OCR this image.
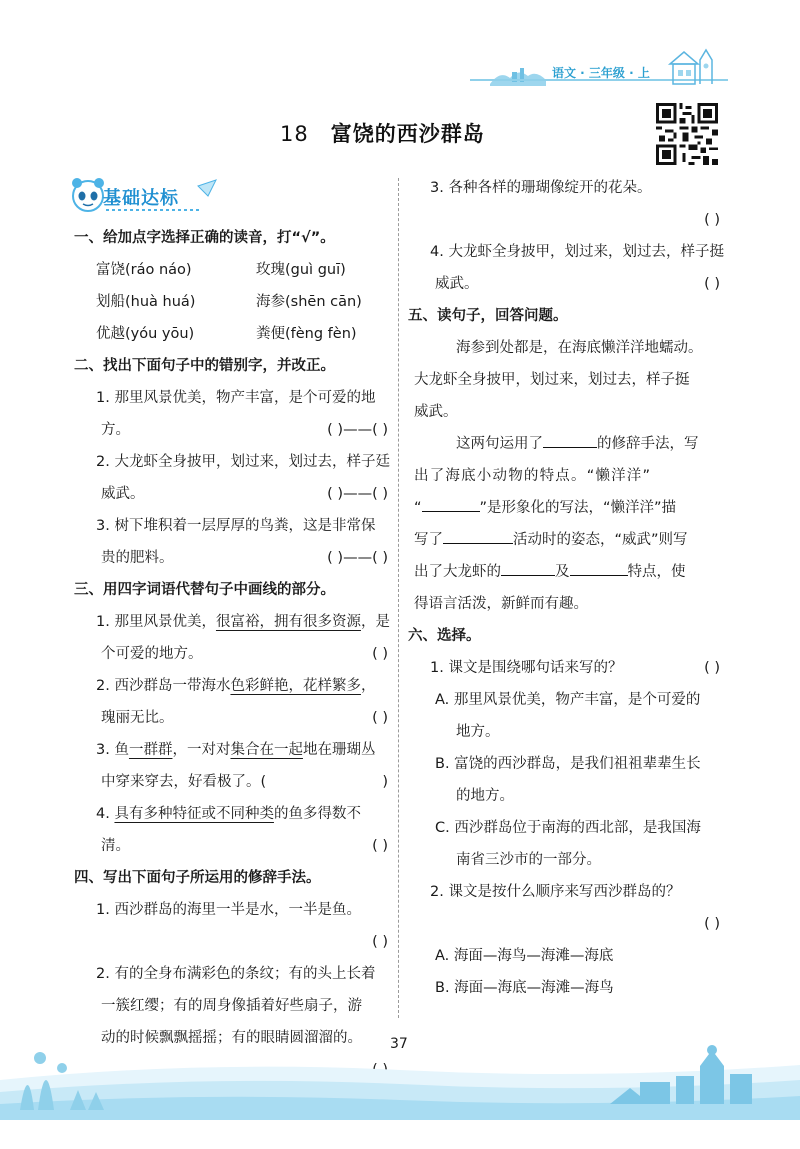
语文 · 三年级 · 上
18 富饶的西沙群岛
基础达标
一、给加点字选择正确的读音，打“√”。
富饶(ráo náo)	玫瑰(guì guī)
划船(huà huá)	海参(shēn cān)
优越(yóu yōu)	粪便(fèng fèn)
二、找出下面句子中的错别字，并改正。
1. 那里风景优美，物产丰富，是个可爱的地
方。	( )——( )
2. 大龙虾全身披甲，划过来，划过去，样子廷
威武。	( )——( )
3. 树下堆积着一层厚厚的鸟粪，这是非常保
贵的肥料。	( )——( )
三、用四字词语代替句子中画线的部分。
1. 那里风景优美，很富裕，拥有很多资源，是
个可爱的地方。	( )
2. 西沙群岛一带海水色彩鲜艳，花样繁多，
瑰丽无比。	( )
3. 鱼一群群，一对对集合在一起地在珊瑚丛
中穿来穿去，好看极了。(	)
4. 具有多种特征或不同种类的鱼多得数不
清。	( )
四、写出下面句子所运用的修辞手法。
1. 西沙群岛的海里一半是水，一半是鱼。
( )
2. 有的全身布满彩色的条纹；有的头上长着
一簇红缨；有的周身像插着好些扇子，游
动的时候飘飘摇摇；有的眼睛圆溜溜的。
3. 各种各样的珊瑚像绽开的花朵。
( )
4. 大龙虾全身披甲，划过来，划过去，样子挺
威武。	( )
五、读句子，回答问题。
海参到处都是，在海底懒洋洋地蠕动。
大龙虾全身披甲，划过来，划过去，样子挺
威武。
这两句运用了	的修辞手法，写
出了海底小动物的特点。“懒洋洋”
“	”是形象化的写法，“懒洋洋”描
写了	活动时的姿态，“威武”则写
出了大龙虾的	及	特点，使
得语言活泼，新鲜而有趣。
六、选择。
1. 课文是围绕哪句话来写的？	( )
A. 那里风景优美，物产丰富，是个可爱的
地方。
B. 富饶的西沙群岛，是我们祖祖辈辈生长
的地方。
C. 西沙群岛位于南海的西北部，是我国海
南省三沙市的一部分。
2. 课文是按什么顺序来写西沙群岛的？
( )
A. 海面—海鸟—海滩—海底
B. 海面—海底—海滩—海鸟
37
